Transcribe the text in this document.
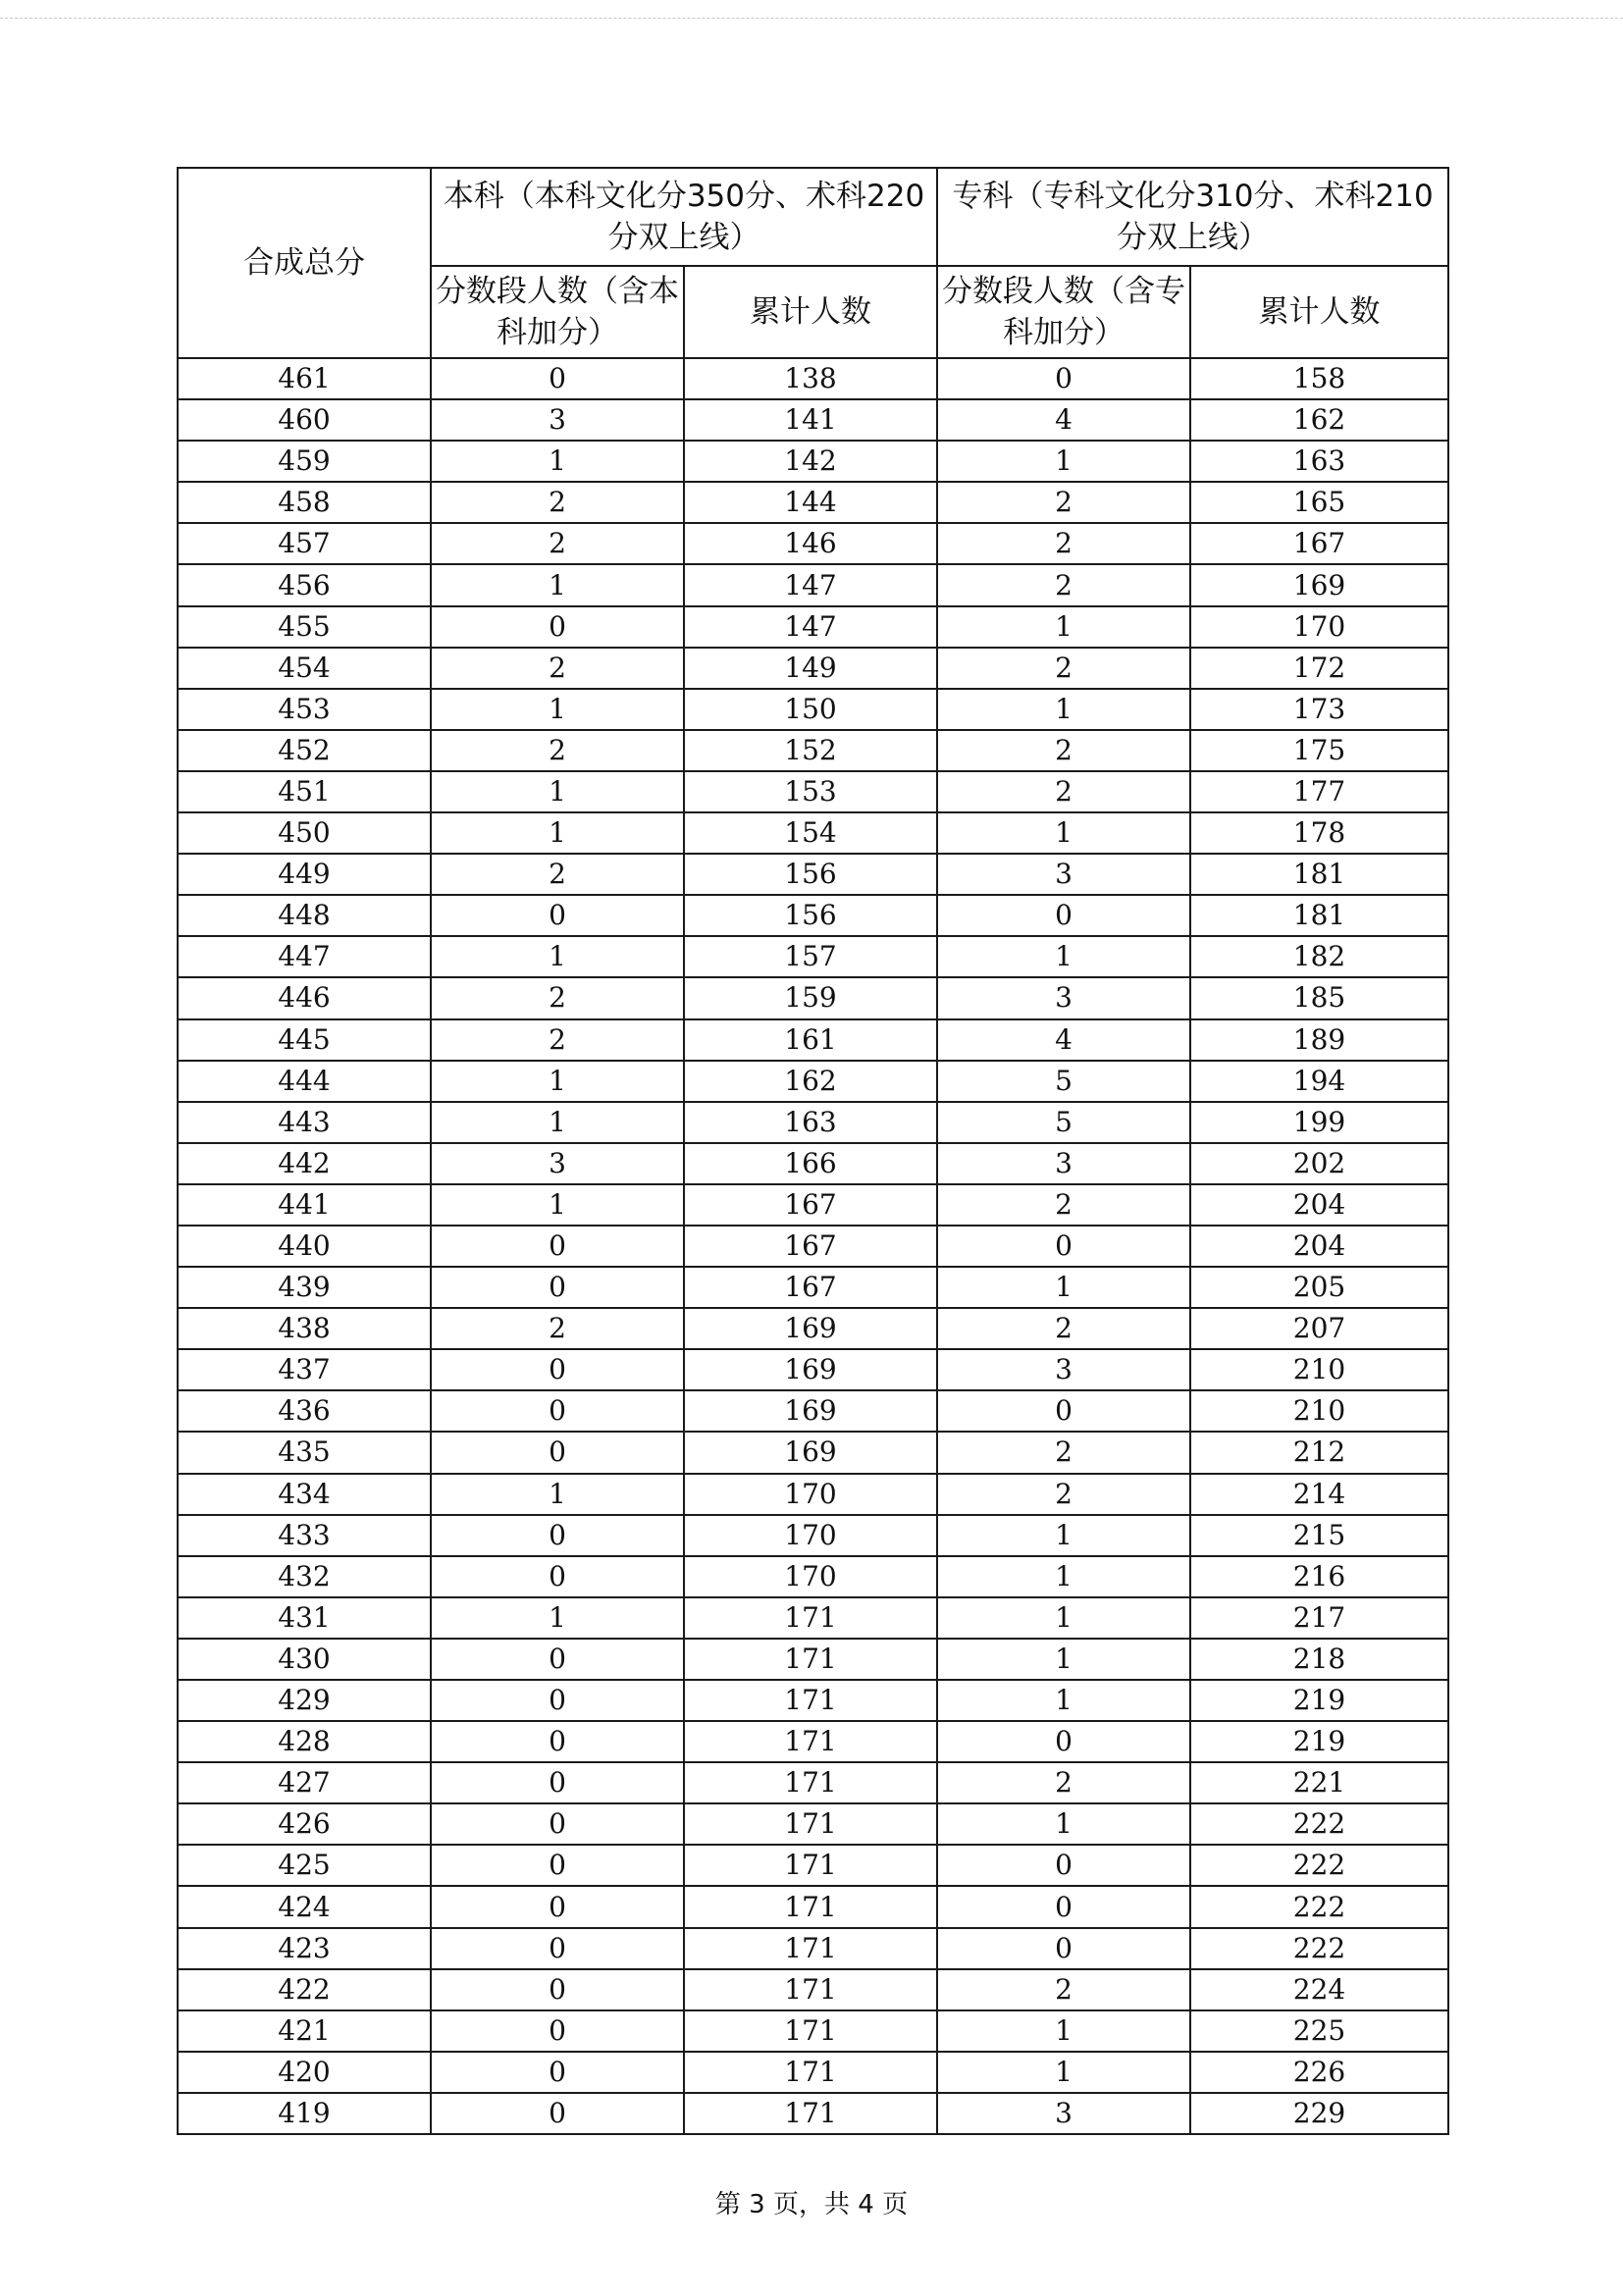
合成总分	本科（本科文化分350分、术科220分双上线）		专科（专科文化分310分、术科210分双上线）	
	分数段人数（含本科加分）	累计人数	分数段人数（含专科加分）	累计人数
461	0	138	0	158
460	3	141	4	162
459	1	142	1	163
458	2	144	2	165
457	2	146	2	167
456	1	147	2	169
455	0	147	1	170
454	2	149	2	172
453	1	150	1	173
452	2	152	2	175
451	1	153	2	177
450	1	154	1	178
449	2	156	3	181
448	0	156	0	181
447	1	157	1	182
446	2	159	3	185
445	2	161	4	189
444	1	162	5	194
443	1	163	5	199
442	3	166	3	202
441	1	167	2	204
440	0	167	0	204
439	0	167	1	205
438	2	169	2	207
437	0	169	3	210
436	0	169	0	210
435	0	169	2	212
434	1	170	2	214
433	0	170	1	215
432	0	170	1	216
431	1	171	1	217
430	0	171	1	218
429	0	171	1	219
428	0	171	0	219
427	0	171	2	221
426	0	171	1	222
425	0	171	0	222
424	0	171	0	222
423	0	171	0	222
422	0	171	2	224
421	0	171	1	225
420	0	171	1	226
419	0	171	3	229
第 3 页，共 4 页
